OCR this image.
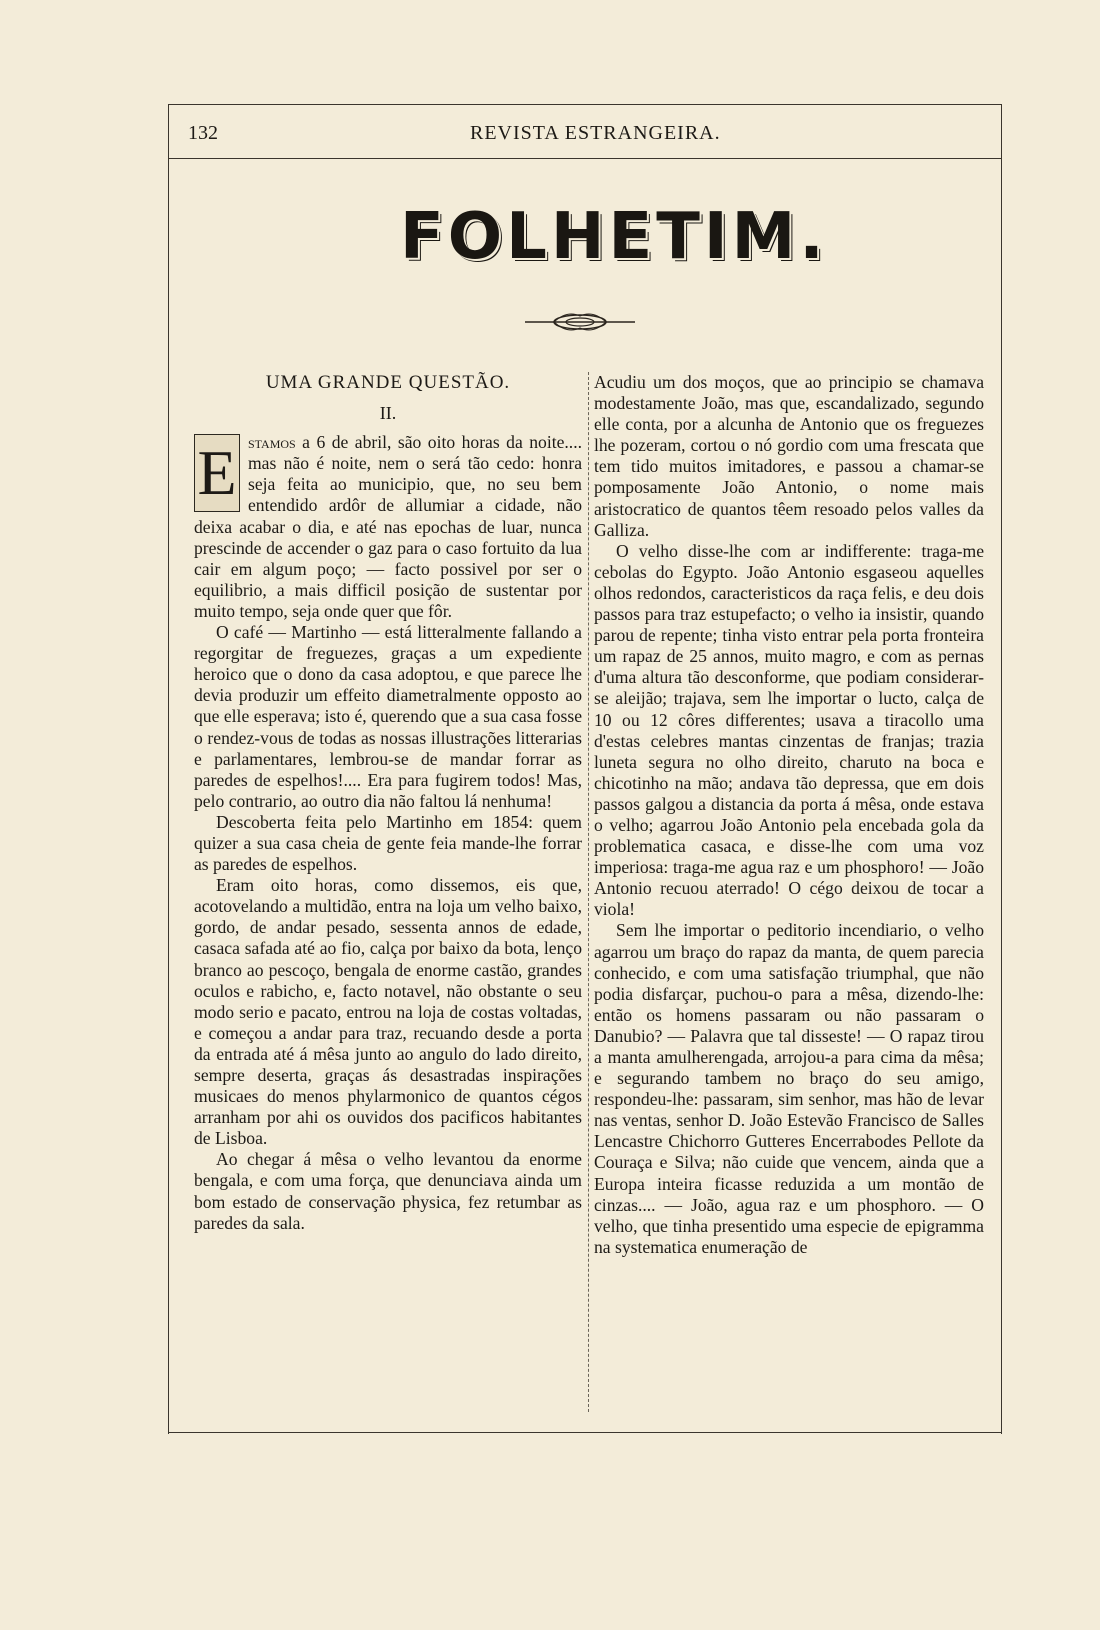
132	REVISTA ESTRANGEIRA.
FOLHETIM.
UMA GRANDE QUESTÃO.
II.

E stamos a 6 de abril, são oito horas da noite.... mas não é noite, nem o será tão cedo: honra seja feita ao municipio, que, no seu bem entendido ardôr de allumiar a cidade, não deixa acabar o dia, e até nas epochas de luar, nunca prescinde de accender o gaz para o caso fortuito da lua cair em algum poço; — facto possivel por ser o equilibrio, a mais difficil posição de sustentar por muito tempo, seja onde quer que fôr.

O café — Martinho — está litteralmente fallando a regorgitar de freguezes, graças a um expediente heroico que o dono da casa adoptou, e que parece lhe devia produzir um effeito diametralmente opposto ao que elle esperava; isto é, querendo que a sua casa fosse o rendez-vous de todas as nossas illustrações litterarias e parlamentares, lembrou-se de mandar forrar as paredes de espelhos!.... Era para fugirem todos! Mas, pelo contrario, ao outro dia não faltou lá nenhuma!

Descoberta feita pelo Martinho em 1854: quem quizer a sua casa cheia de gente feia mande-lhe forrar as paredes de espelhos.

Eram oito horas, como dissemos, eis que, acotovelando a multidão, entra na loja um velho baixo, gordo, de andar pesado, sessenta annos de edade, casaca safada até ao fio, calça por baixo da bota, lenço branco ao pescoço, bengala de enorme castão, grandes oculos e rabicho, e, facto notavel, não obstante o seu modo serio e pacato, entrou na loja de costas voltadas, e começou a andar para traz, recuando desde a porta da entrada até á mêsa junto ao angulo do lado direito, sempre deserta, graças ás desastradas inspirações musicaes do menos phylarmonico de quantos cégos arranham por ahi os ouvidos dos pacificos habitantes de Lisboa.

Ao chegar á mêsa o velho levantou da enorme bengala, e com uma força, que denunciava ainda um bom estado de conservação physica, fez retumbar as paredes da sala.

Acudiu um dos moços, que ao principio se chamava modestamente João, mas que, escandalizado, segundo elle conta, por a alcunha de Antonio que os freguezes lhe pozeram, cortou o nó gordio com uma frescata que tem tido muitos imitadores, e passou a chamar-se pomposamente João Antonio, o nome mais aristocratico de quantos têem resoado pelos valles da Galliza.

O velho disse-lhe com ar indifferente: traga-me cebolas do Egypto. João Antonio esgaseou aquelles olhos redondos, caracteristicos da raça felis, e deu dois passos para traz estupefacto; o velho ia insistir, quando parou de repente; tinha visto entrar pela porta fronteira um rapaz de 25 annos, muito magro, e com as pernas d'uma altura tão desconforme, que podiam considerar-se aleijão; trajava, sem lhe importar o lucto, calça de 10 ou 12 côres differentes; usava a tiracollo uma d'estas celebres mantas cinzentas de franjas; trazia luneta segura no olho direito, charuto na boca e chicotinho na mão; andava tão depressa, que em dois passos galgou a distancia da porta á mêsa, onde estava o velho; agarrou João Antonio pela encebada gola da problematica casaca, e disse-lhe com uma voz imperiosa: traga-me agua raz e um phosphoro! — João Antonio recuou aterrado! O cégo deixou de tocar a viola!

Sem lhe importar o peditorio incendiario, o velho agarrou um braço do rapaz da manta, de quem parecia conhecido, e com uma satisfação triumphal, que não podia disfarçar, puchou-o para a mêsa, dizendo-lhe: então os homens passaram ou não passaram o Danubio? — Palavra que tal disseste! — O rapaz tirou a manta amulherengada, arrojou-a para cima da mêsa; e segurando tambem no braço do seu amigo, respondeu-lhe: passaram, sim senhor, mas hão de levar nas ventas, senhor D. João Estevão Francisco de Salles Lencastre Chichorro Gutteres Encerrabodes Pellote da Couraça e Silva; não cuide que vencem, ainda que a Europa inteira ficasse reduzida a um montão de cinzas.... — João, agua raz e um phosphoro. — O velho, que tinha presentido uma especie de epigramma na systematica enumeração de
